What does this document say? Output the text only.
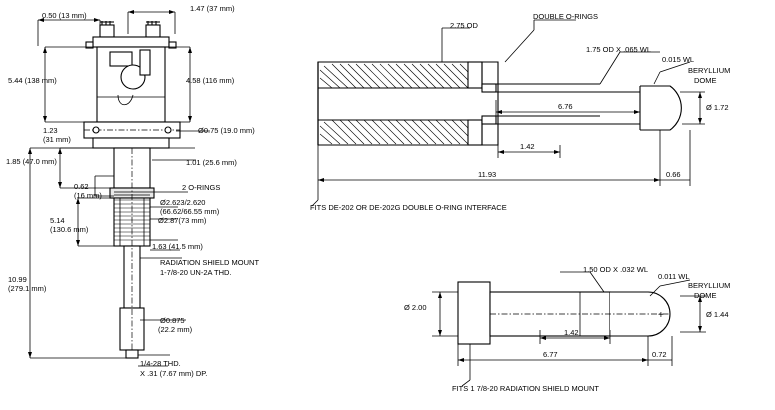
+
0.50 (13 mm)
1.47 (37 mm)
5.44 (138 mm)	4.58 (116 mm)
1.23
(31 mm)
Ø0.75 (19.0 mm)
1.85 (47.0 mm)	1.01 (25.6 mm)
0.62
(16 mm)
2 O-RINGS
Ø2.623/2.620
(66.62/66.55 mm)
Ø2.87(73 mm)
5.14
(130.6 mm)
1.63 (41.5 mm)
RADIATION SHIELD MOUNT
1-7/8-20 UN-2A THD.
10.99
(279.1 mm)
Ø0.875
(22.2 mm)
1/4-28 THD.
X .31 (7.67 mm) DP.
2.75 OD
DOUBLE O-RINGS
1.75 OD X .065 WL
0.015 WL
BERYLLIUM
DOME
Ø 1.72
6.76
1.42
11.93	0.66
FITS DE-202 OR DE-202G DOUBLE O-RING INTERFACE
1.50 OD X .032 WL
0.011 WL
BERYLLIUM
DOME
Ø 2.00
Ø 1.44
1.42
6.77	0.72
FITS 1 7/8-20 RADIATION SHIELD MOUNT
